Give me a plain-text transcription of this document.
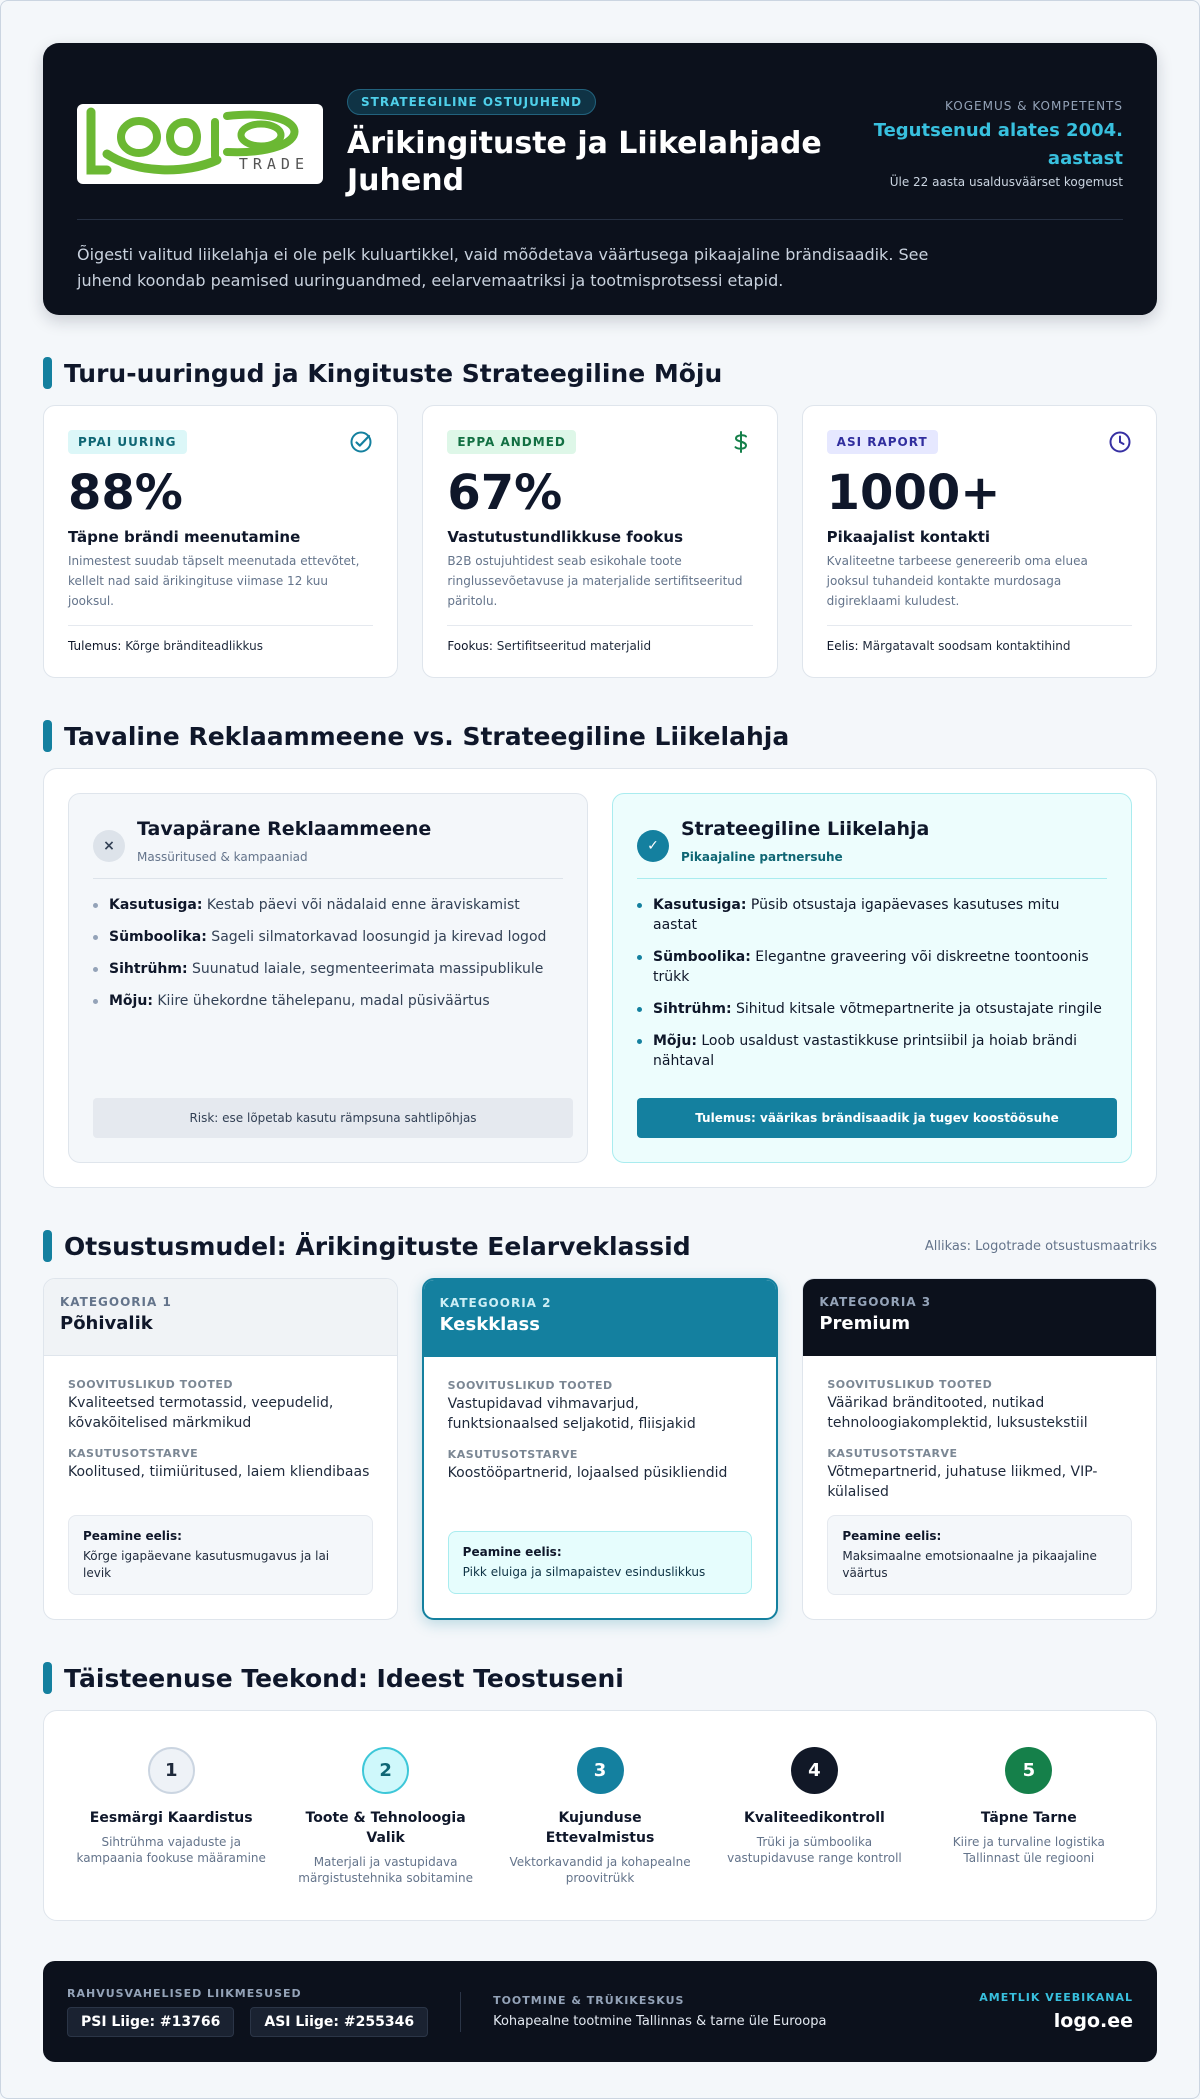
TRADE
STRATEEGILINE OSTUJUHEND
Ärikingituste ja Liikelahjade Juhend
KOGEMUS & KOMPETENTS
Tegutsenud alates 2004. aastast
Üle 22 aasta usaldusväärset kogemust

Õigesti valitud liikelahja ei ole pelk kuluartikkel, vaid mõõdetava väärtusega pikaajaline brändisaadik. See juhend koondab peamised uuringuandmed, eelarvemaatriksi ja tootmisprotsessi etapid.

Turu-uuringud ja Kingituste Strateegiline Mõju
PPAI UURING
88%
Täpne brändi meenutamine
Inimestest suudab täpselt meenutada ettevõtet, kellelt nad said ärikingituse viimase 12 kuu jooksul.
Tulemus: Kõrge bränditeadlikkus
EPPA ANDMED
67%
Vastutustundlikkuse fookus
B2B ostujuhtidest seab esikohale toote ringlussevõetavuse ja materjalide sertifitseeritud päritolu.
Fookus: Sertifitseeritud materjalid
ASI RAPORT
1000+
Pikaajalist kontakti
Kvaliteetne tarbeese genereerib oma eluea jooksul tuhandeid kontakte murdosaga digireklaami kuludest.
Eelis: Märgatavalt soodsam kontaktihind
Tavaline Reklaammeene vs. Strateegiline Liikelahja
×
Tavapärane Reklaammeene
Massüritused & kampaaniad
Kasutusiga: Kestab päevi või nädalaid enne äraviskamist
Sümboolika: Sageli silmatorkavad loosungid ja kirevad logod
Sihtrühm: Suunatud laiale, segmenteerimata massipublikule
Mõju: Kiire ühekordne tähelepanu, madal püsiväärtus
Risk: ese lõpetab kasutu rämpsuna sahtlipõhjas
✓
Strateegiline Liikelahja
Pikaajaline partnersuhe
Kasutusiga: Püsib otsustaja igapäevases kasutuses mitu aastat
Sümboolika: Elegantne graveering või diskreetne toontoonis trükk
Sihtrühm: Sihitud kitsale võtmepartnerite ja otsustajate ringile
Mõju: Loob usaldust vastastikkuse printsiibil ja hoiab brändi nähtaval
Tulemus: väärikas brändisaadik ja tugev koostöösuhe
Otsustusmudel: Ärikingituste Eelarveklassid	Allikas: Logotrade otsustusmaatriks
KATEGOORIA 1
Põhivalik
SOOVITUSLIKUD TOOTED
Kvaliteetsed termotassid, veepudelid, kõvakõitelised märkmikud
KASUTUSOTSTARVE
Koolitused, tiimiüritused, laiem kliendibaas
Peamine eelis:
Kõrge igapäevane kasutusmugavus ja lai levik
KATEGOORIA 2
Keskklass
SOOVITUSLIKUD TOOTED
Vastupidavad vihmavarjud, funktsionaalsed seljakotid, fliisjakid
KASUTUSOTSTARVE
Koostööpartnerid, lojaalsed püsikliendid
Peamine eelis:
Pikk eluiga ja silmapaistev esinduslikkus
KATEGOORIA 3
Premium
SOOVITUSLIKUD TOOTED
Väärikad bränditooted, nutikad tehnoloogiakomplektid, luksustekstiil
KASUTUSOTSTARVE
Võtmepartnerid, juhatuse liikmed, VIP-külalised
Peamine eelis:
Maksimaalne emotsionaalne ja pikaajaline väärtus
Täisteenuse Teekond: Ideest Teostuseni
1
Eesmärgi Kaardistus
Sihtrühma vajaduste ja kampaania fookuse määramine
2
Toote & Tehnoloogia Valik
Materjali ja vastupidava märgistustehnika sobitamine
3
Kujunduse Ettevalmistus
Vektorkavandid ja kohapealne proovitrükk
4
Kvaliteedikontroll
Trüki ja sümboolika vastupidavuse range kontroll
5
Täpne Tarne
Kiire ja turvaline logistika Tallinnast üle regiooni
RAHVUSVAHELISED LIIKMESUSED
PSI Liige: #13766	ASI Liige: #255346
TOOTMINE & TRÜKIKESKUS
Kohapealne tootmine Tallinnas & tarne üle Euroopa
AMETLIK VEEBIKANAL
logo.ee
